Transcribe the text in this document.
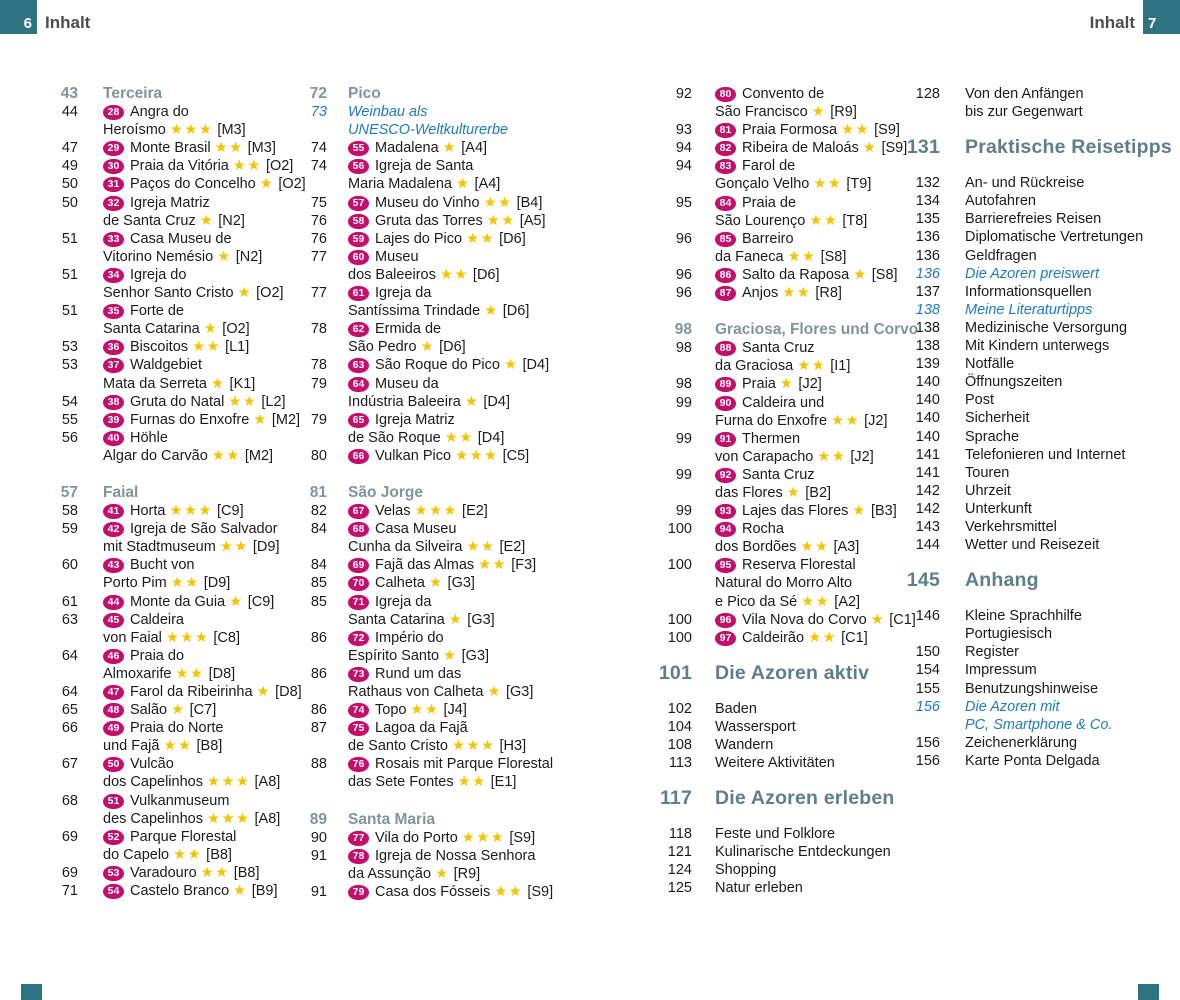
6 Inhalt	Inhalt 7
43 Terceira
44	28 Angra do
Heroísmo ★★★ [M3]
47	29 Monte Brasil ★★ [M3]
49	30 Praia da Vitória ★★ [O2]
50	31 Paços do Concelho ★ [O2]
50	32 Igreja Matriz
de Santa Cruz ★ [N2]
51	33 Casa Museu de
Vitorino Nemésio ★ [N2]
51	34 Igreja do
Senhor Santo Cristo ★ [O2]
51	35 Forte de
Santa Catarina ★ [O2]
53	36 Biscoitos ★★ [L1]
53	37 Waldgebiet
Mata da Serreta ★ [K1]
54	38 Gruta do Natal ★★ [L2]
55	39 Furnas do Enxofre ★ [M2]
56	40 Höhle
Algar do Carvão ★★ [M2]
57 Faial
58	41 Horta ★★★ [C9]
59	42 Igreja de São Salvador
mit Stadtmuseum ★★ [D9]
60	43 Bucht von
Porto Pim ★★ [D9]
61	44 Monte da Guia ★ [C9]
63	45 Caldeira
von Faial ★★★ [C8]
64	46 Praia do
Almoxarife ★★ [D8]
64	47 Farol da Ribeirinha ★ [D8]
65	48 Salão ★ [C7]
66	49 Praia do Norte
und Fajã ★★ [B8]
67	50 Vulcão
dos Capelinhos ★★★ [A8]
68	51 Vulkanmuseum
des Capelinhos ★★★ [A8]
69	52 Parque Florestal
do Capelo ★★ [B8]
69	53 Varadouro ★★ [B8]
71	54 Castelo Branco ★ [B9]
72 Pico
73 Weinbau als
UNESCO-Weltkulturerbe
74	55 Madalena ★ [A4]
74	56 Igreja de Santa
Maria Madalena ★ [A4]
75	57 Museu do Vinho ★★ [B4]
76	58 Gruta das Torres ★★ [A5]
76	59 Lajes do Pico ★★ [D6]
77	60 Museu
dos Baleeiros ★★ [D6]
77	61 Igreja da
Santíssima Trindade ★ [D6]
78	62 Ermida de
São Pedro ★ [D6]
78	63 São Roque do Pico ★ [D4]
79	64 Museu da
Indústria Baleeira ★ [D4]
79	65 Igreja Matriz
de São Roque ★★ [D4]
80	66 Vulkan Pico ★★★ [C5]
81 São Jorge
82	67 Velas ★★★ [E2]
84	68 Casa Museu
Cunha da Silveira ★★ [E2]
84	69 Fajã das Almas ★★ [F3]
85	70 Calheta ★ [G3]
85	71 Igreja da
Santa Catarina ★ [G3]
86	72 Império do
Espírito Santo ★ [G3]
86	73 Rund um das
Rathaus von Calheta ★ [G3]
86	74 Topo ★★ [J4]
87	75 Lagoa da Fajã
de Santo Cristo ★★★ [H3]
88	76 Rosais mit Parque Florestal
das Sete Fontes ★★ [E1]
89 Santa Maria
90	77 Vila do Porto ★★★ [S9]
91	78 Igreja de Nossa Senhora
da Assunção ★ [R9]
91	79 Casa dos Fósseis ★★ [S9]
92	80 Convento de
São Francisco ★ [R9]
93	81 Praia Formosa ★★ [S9]
94	82 Ribeira de Maloás ★ [S9]
94	83 Farol de
Gonçalo Velho ★★ [T9]
95	84 Praia de
São Lourenço ★★ [T8]
96	85 Barreiro
da Faneca ★★ [S8]
96	86 Salto da Raposa ★ [S8]
96	87 Anjos ★★ [R8]
98 Graciosa, Flores und Corvo
98	88 Santa Cruz
da Graciosa ★★ [I1]
98	89 Praia ★ [J2]
99	90 Caldeira und
Furna do Enxofre ★★ [J2]
99	91 Thermen
von Carapacho ★★ [J2]
99	92 Santa Cruz
das Flores ★ [B2]
99	93 Lajes das Flores ★ [B3]
100	94 Rocha
dos Bordões ★★ [A3]
100	95 Reserva Florestal
Natural do Morro Alto
e Pico da Sé ★★ [A2]
100	96 Vila Nova do Corvo ★ [C1]
100	97 Caldeirão ★★ [C1]
101 Die Azoren aktiv
102 Baden
104 Wassersport
108 Wandern
113 Weitere Aktivitäten
117 Die Azoren erleben
118 Feste und Folklore
121 Kulinarische Entdeckungen
124 Shopping
125 Natur erleben
128 Von den Anfängen
bis zur Gegenwart
131 Praktische Reisetipps
132 An- und Rückreise
134 Autofahren
135 Barrierefreies Reisen
136 Diplomatische Vertretungen
136 Geldfragen
136 Die Azoren preiswert
137 Informationsquellen
138 Meine Literaturtipps
138 Medizinische Versorgung
138 Mit Kindern unterwegs
139 Notfälle
140 Öffnungszeiten
140 Post
140 Sicherheit
140 Sprache
141 Telefonieren und Internet
141 Touren
142 Uhrzeit
142 Unterkunft
143 Verkehrsmittel
144 Wetter und Reisezeit
145 Anhang
146 Kleine Sprachhilfe
Portugiesisch
150 Register
154 Impressum
155 Benutzungshinweise
156 Die Azoren mit
PC, Smartphone & Co.
156 Zeichenerklärung
156 Karte Ponta Delgada
